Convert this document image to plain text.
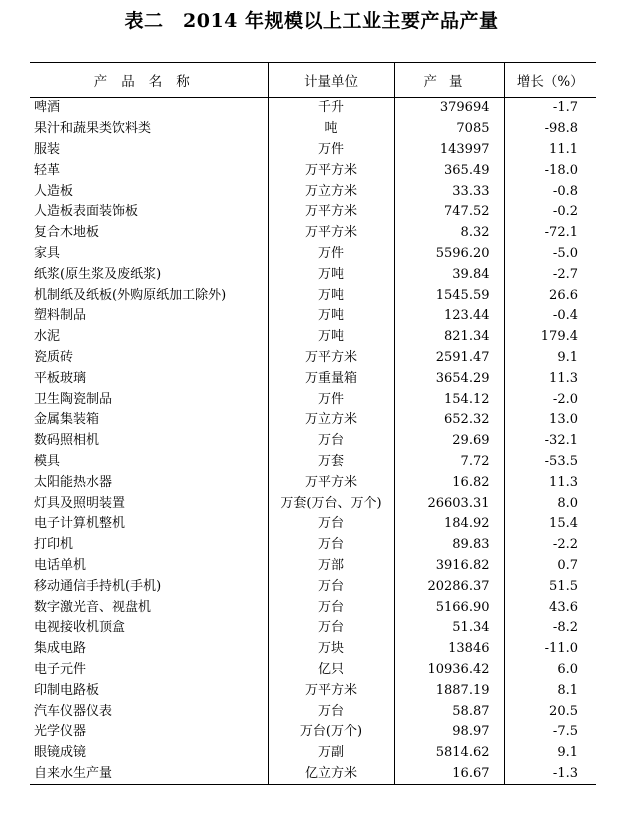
表二　2014 年规模以上工业主要产品产量
产品名称	计量单位	产量	增长（%）
啤酒	千升	379694	-1.7
果汁和蔬果类饮料类	吨	7085	-98.8
服装	万件	143997	11.1
轻革	万平方米	365.49	-18.0
人造板	万立方米	33.33	-0.8
人造板表面装饰板	万平方米	747.52	-0.2
复合木地板	万平方米	8.32	-72.1
家具	万件	5596.20	-5.0
纸浆(原生浆及废纸浆)	万吨	39.84	-2.7
机制纸及纸板(外购原纸加工除外)	万吨	1545.59	26.6
塑料制品	万吨	123.44	-0.4
水泥	万吨	821.34	179.4
瓷质砖	万平方米	2591.47	9.1
平板玻璃	万重量箱	3654.29	11.3
卫生陶瓷制品	万件	154.12	-2.0
金属集装箱	万立方米	652.32	13.0
数码照相机	万台	29.69	-32.1
模具	万套	7.72	-53.5
太阳能热水器	万平方米	16.82	11.3
灯具及照明装置	万套(万台、万个)	26603.31	8.0
电子计算机整机	万台	184.92	15.4
打印机	万台	89.83	-2.2
电话单机	万部	3916.82	0.7
移动通信手持机(手机)	万台	20286.37	51.5
数字激光音、视盘机	万台	5166.90	43.6
电视接收机顶盒	万台	51.34	-8.2
集成电路	万块	13846	-11.0
电子元件	亿只	10936.42	6.0
印制电路板	万平方米	1887.19	8.1
汽车仪器仪表	万台	58.87	20.5
光学仪器	万台(万个)	98.97	-7.5
眼镜成镜	万副	5814.62	9.1
自来水生产量	亿立方米	16.67	-1.3
